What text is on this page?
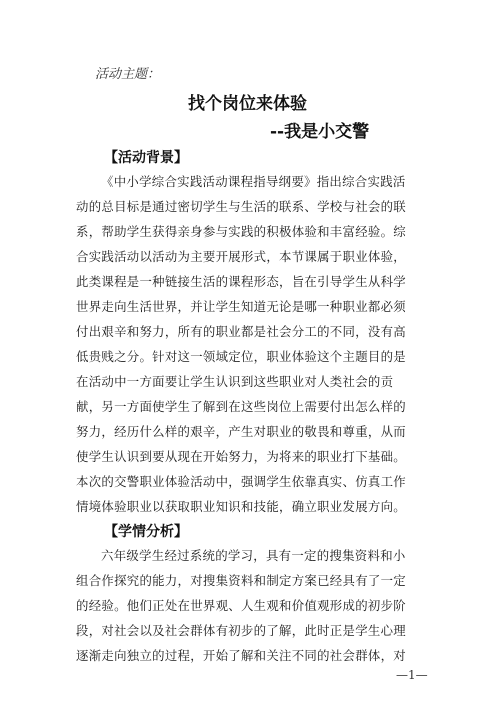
活动主题：
找个岗位来体验
--我是小交警
【活动背景】
《中小学综合实践活动课程指导纲要》指出综合实践活
动的总目标是通过密切学生与生活的联系、学校与社会的联
系，帮助学生获得亲身参与实践的积极体验和丰富经验。综
合实践活动以活动为主要开展形式，本节课属于职业体验，
此类课程是一种链接生活的课程形态，旨在引导学生从科学
世界走向生活世界，并让学生知道无论是哪一种职业都必须
付出艰辛和努力，所有的职业都是社会分工的不同，没有高
低贵贱之分。针对这一领域定位，职业体验这个主题目的是
在活动中一方面要让学生认识到这些职业对人类社会的贡
献，另一方面使学生了解到在这些岗位上需要付出怎么样的
努力，经历什么样的艰辛，产生对职业的敬畏和尊重，从而
使学生认识到要从现在开始努力，为将来的职业打下基础。
本次的交警职业体验活动中，强调学生依靠真实、仿真工作
情境体验职业以获取职业知识和技能，确立职业发展方向。
【学情分析】
六年级学生经过系统的学习，具有一定的搜集资料和小
组合作探究的能力，对搜集资料和制定方案已经具有了一定
的经验。他们正处在世界观、人生观和价值观形成的初步阶
段，对社会以及社会群体有初步的了解，此时正是学生心理
逐渐走向独立的过程，开始了解和关注不同的社会群体，对
—1—
